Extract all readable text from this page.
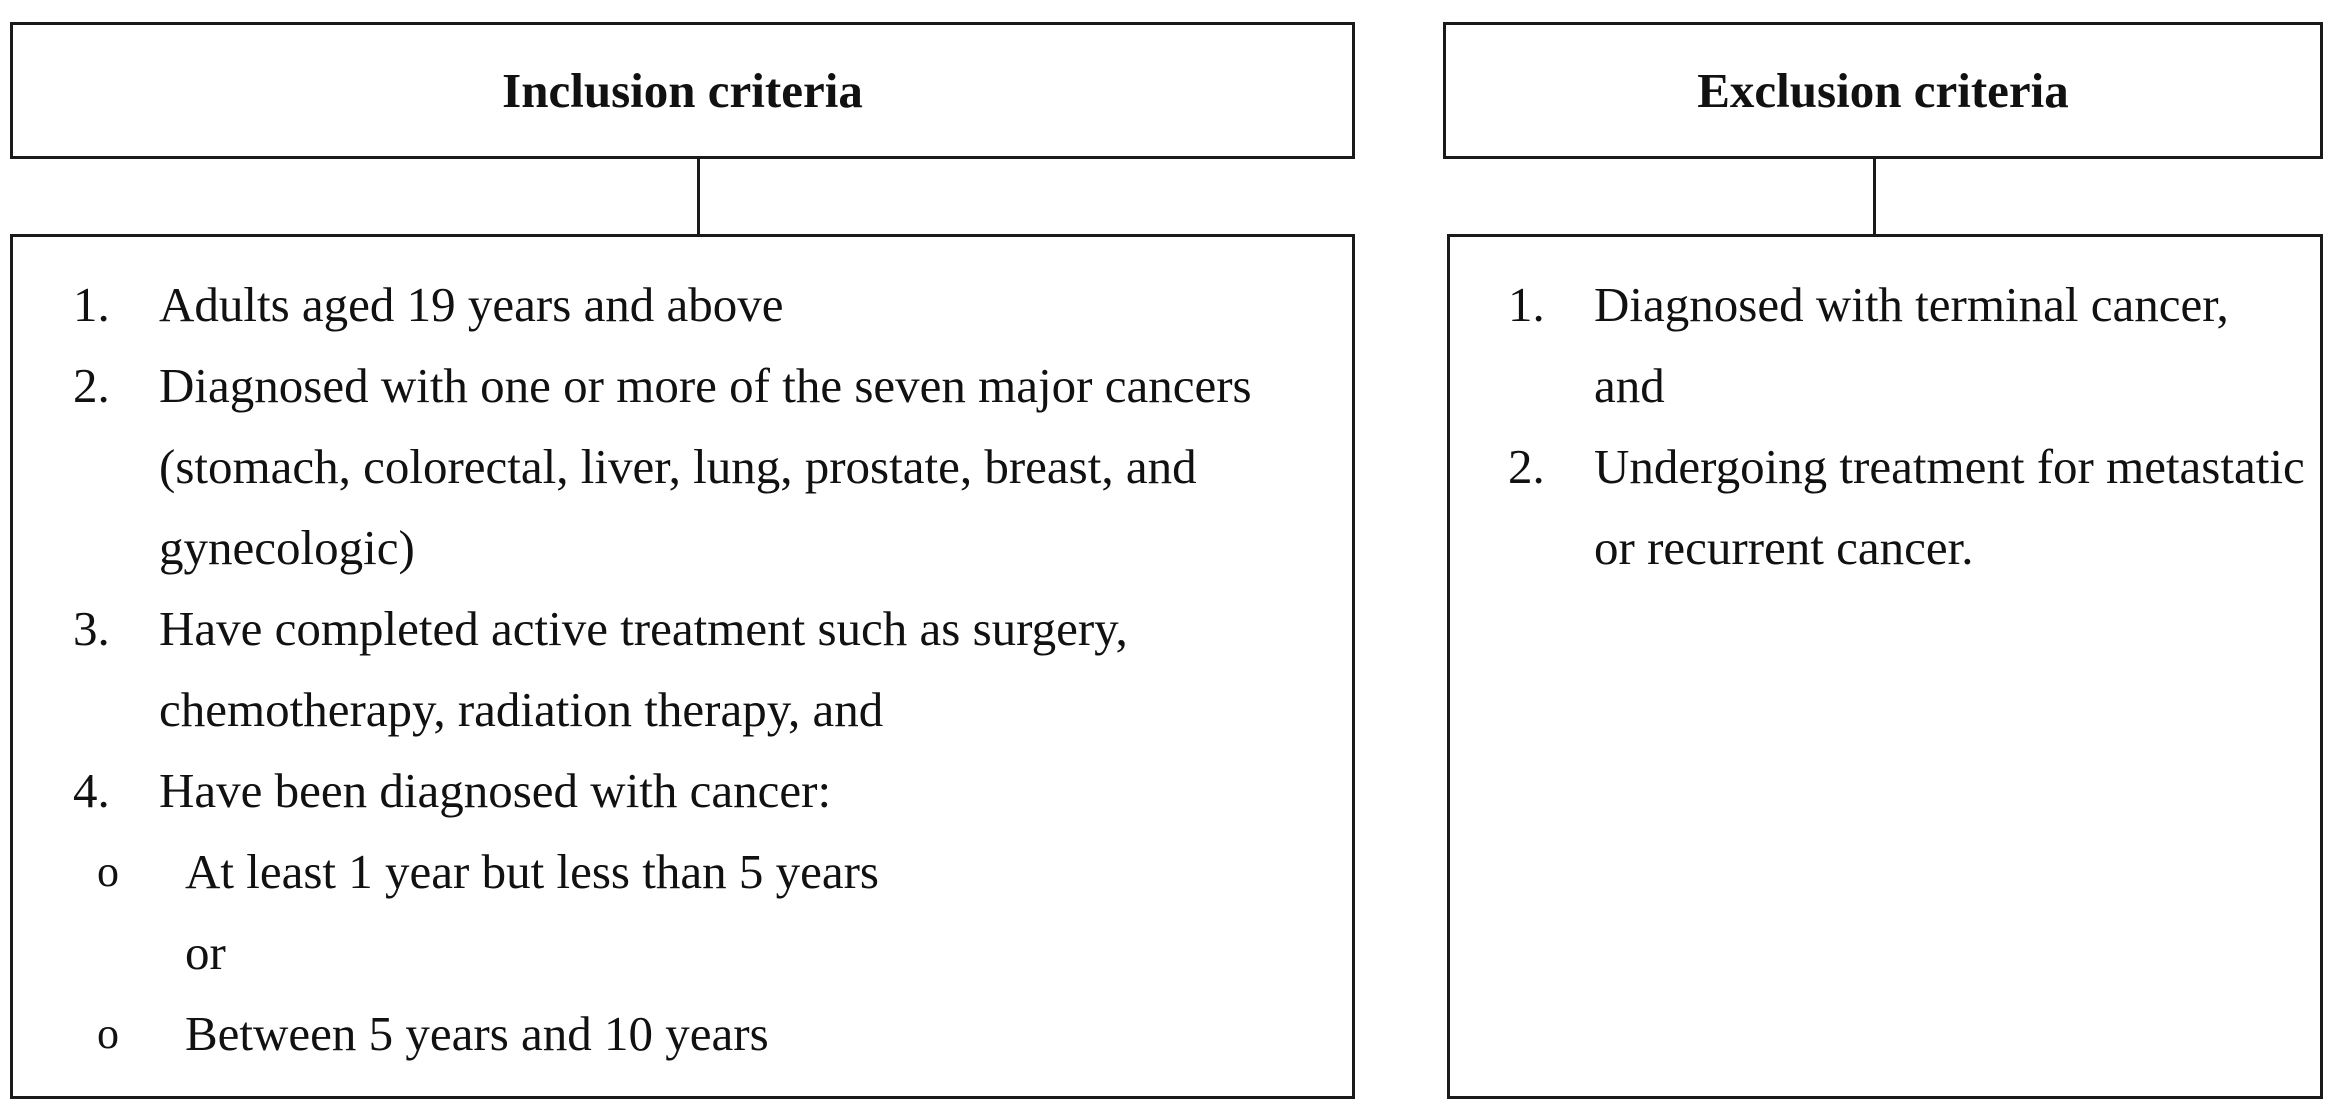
Inclusion criteria	Exclusion criteria
1. Adults aged 19 years and above
2. Diagnosed with one or more of the seven major cancers (stomach, colorectal, liver, lung, prostate, breast, and gynecologic)
3. Have completed active treatment such as surgery, chemotherapy, radiation therapy, and
4. Have been diagnosed with cancer:
o At least 1 year but less than 5 years
or
o Between 5 years and 10 years
1. Diagnosed with terminal cancer, and
2. Undergoing treatment for metastatic or recurrent cancer.
